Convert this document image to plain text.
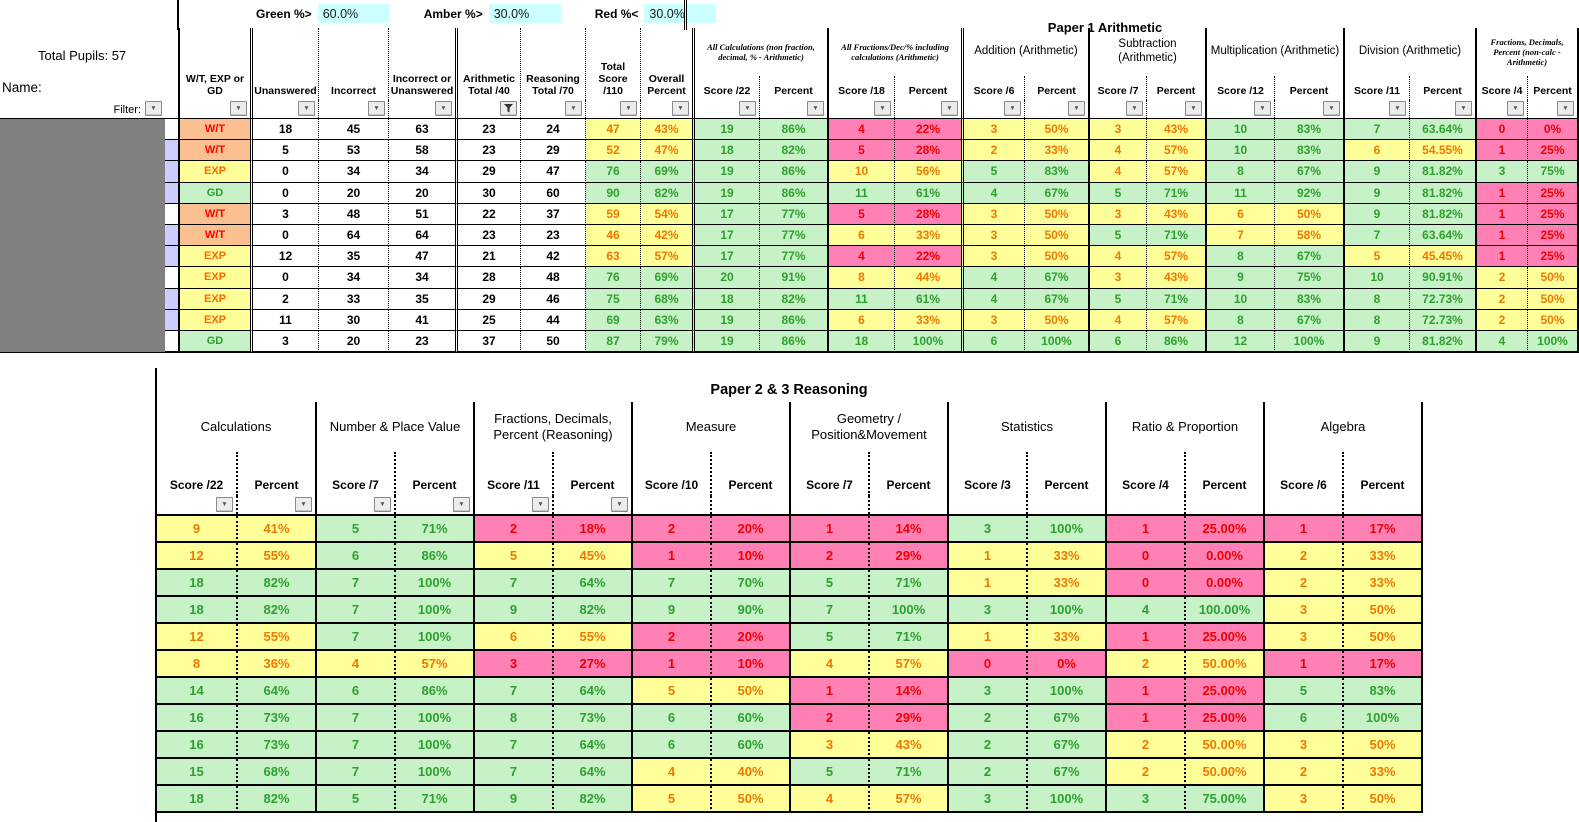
Green %> 60.0%	Amber %> 30.0%	Red %< 30.0%
Total Pupils: 57
Name:
Paper 1 Arithmetic
W/T, EXP or GD	Unanswered	Incorrect
Incorrect or Unanswered
Arithmetic Total /40
Reasoning Total /70
Total Score /110
Overall Percent
All Calculations (non fraction, decimal, % - Arithmetic)
Score /22	Percent
All Fractions/Dec/% including calculations (Arithmetic)
Score /18	Percent
Addition (Arithmetic)
Score /6	Percent
Subtraction (Arithmetic)
Score /7	Percent
Multiplication (Arithmetic)
Score /12	Percent
Division (Arithmetic)
Score /11	Percent
Fractions, Decimals, Percent (non-calc - Arithmetic)
Score /4	Percent
Filter: ▼	▼	▼	▼	▼	▼	▼	▼	▼	▼	▼	▼	▼	▼	▼	▼	▼	▼	▼	▼	▼	▼
W/T	18	45	63	23	24	47	43%	19	86%	4	22%	3	50%	3	43%	10	83%	7	63.64%	0	0%
W/T	5	53	58	23	29	52	47%	18	82%	5	28%	2	33%	4	57%	10	83%	6	54.55%	1	25%
EXP	0	34	34	29	47	76	69%	19	86%	10	56%	5	83%	4	57%	8	67%	9	81.82%	3	75%
GD	0	20	20	30	60	90	82%	19	86%	11	61%	4	67%	5	71%	11	92%	9	81.82%	1	25%
W/T	3	48	51	22	37	59	54%	17	77%	5	28%	3	50%	3	43%	6	50%	9	81.82%	1	25%
W/T	0	64	64	23	23	46	42%	17	77%	6	33%	3	50%	5	71%	7	58%	7	63.64%	1	25%
EXP	12	35	47	21	42	63	57%	17	77%	4	22%	3	50%	4	57%	8	67%	5	45.45%	1	25%
EXP	0	34	34	28	48	76	69%	20	91%	8	44%	4	67%	3	43%	9	75%	10	90.91%	2	50%
EXP	2	33	35	29	46	75	68%	18	82%	11	61%	4	67%	5	71%	10	83%	8	72.73%	2	50%
EXP	11	30	41	25	44	69	63%	19	86%	6	33%	3	50%	4	57%	8	67%	8	72.73%	2	50%
GD	3	20	23	37	50	87	79%	19	86%	18	100%	6	100%	6	86%	12	100%	9	81.82%	4	100%
Paper 2 & 3 Reasoning
Calculations
Score /22	Percent
Number & Place Value
Score /7	Percent
Fractions, Decimals, Percent (Reasoning)
Score /11	Percent
Measure
Score /10	Percent
Geometry / Position&Movement
Score /7	Percent
Statistics
Score /3	Percent
Ratio & Proportion
Score /4	Percent
Algebra
Score /6	Percent
▼	▼	▼	▼	▼	▼
9	41%	5	71%	2	18%	2	20%	1	14%	3	100%	1	25.00%	1	17%
12	55%	6	86%	5	45%	1	10%	2	29%	1	33%	0	0.00%	2	33%
18	82%	7	100%	7	64%	7	70%	5	71%	1	33%	0	0.00%	2	33%
18	82%	7	100%	9	82%	9	90%	7	100%	3	100%	4	100.00%	3	50%
12	55%	7	100%	6	55%	2	20%	5	71%	1	33%	1	25.00%	3	50%
8	36%	4	57%	3	27%	1	10%	4	57%	0	0%	2	50.00%	1	17%
14	64%	6	86%	7	64%	5	50%	1	14%	3	100%	1	25.00%	5	83%
16	73%	7	100%	8	73%	6	60%	2	29%	2	67%	1	25.00%	6	100%
16	73%	7	100%	7	64%	6	60%	3	43%	2	67%	2	50.00%	3	50%
15	68%	7	100%	7	64%	4	40%	5	71%	2	67%	2	50.00%	2	33%
18	82%	5	71%	9	82%	5	50%	4	57%	3	100%	3	75.00%	3	50%
